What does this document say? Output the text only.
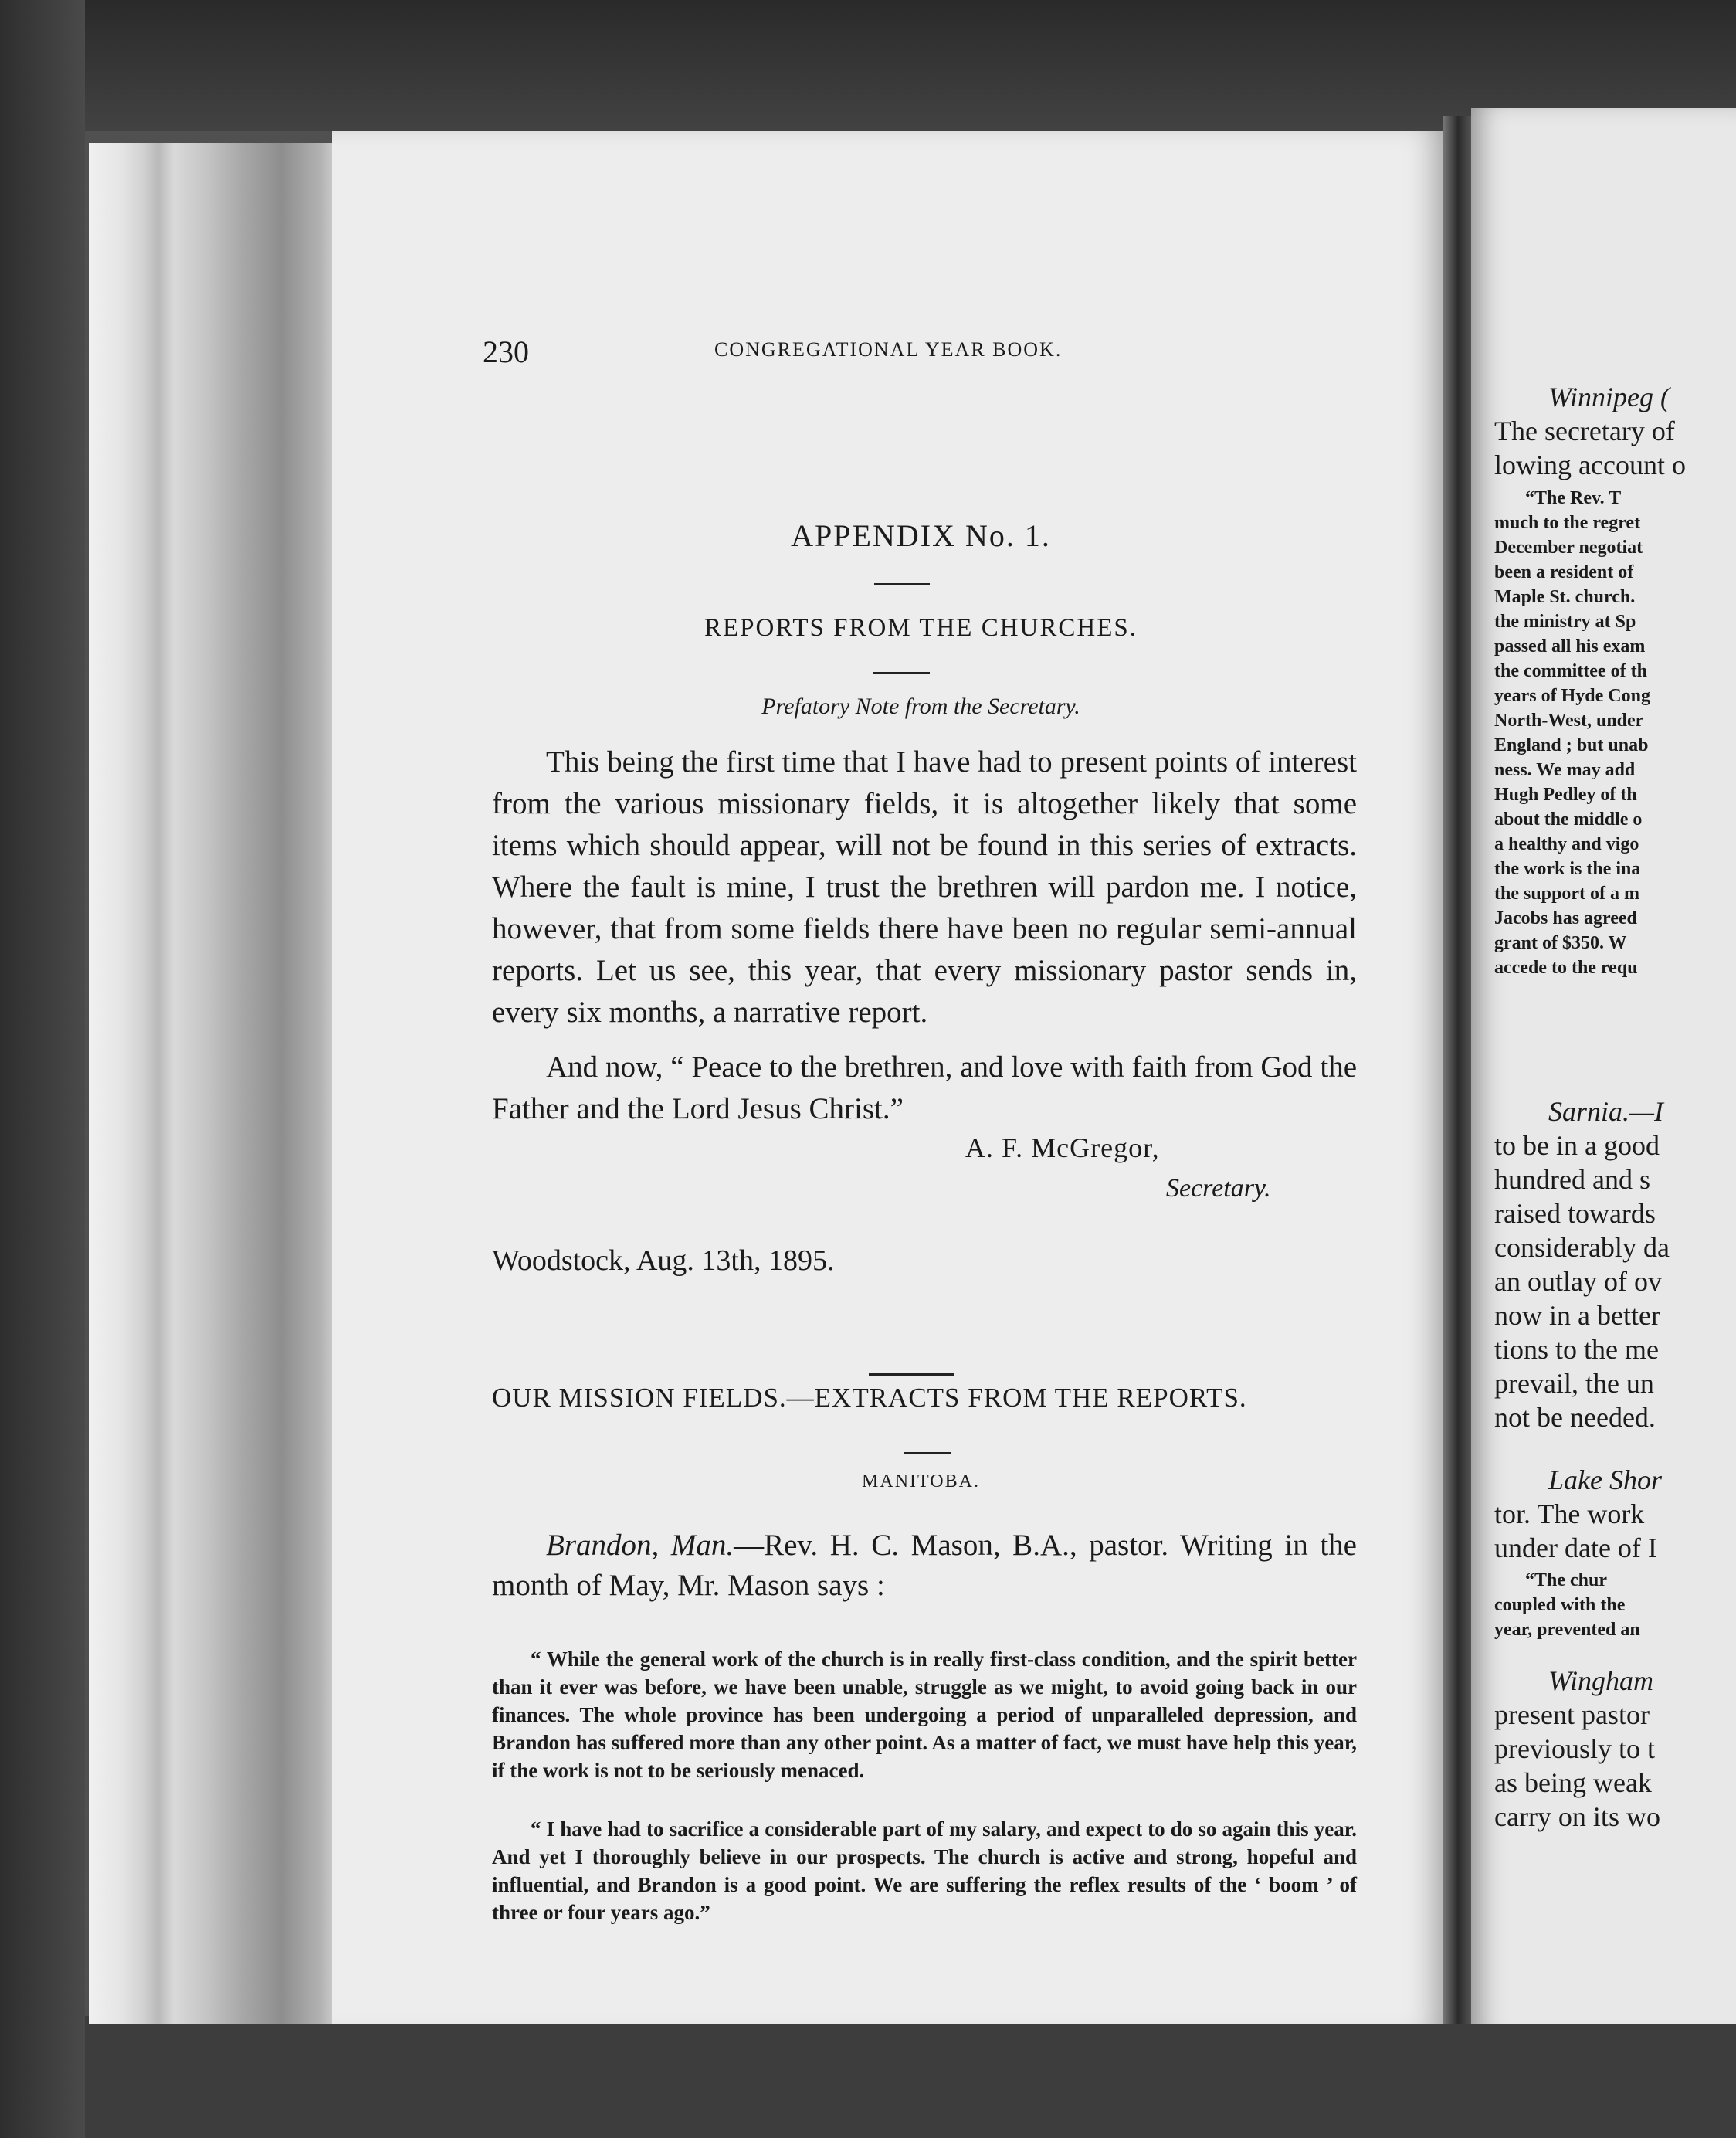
230	CONGREGATIONAL YEAR BOOK.
APPENDIX No. 1.
REPORTS FROM THE CHURCHES.
Prefatory Note from the Secretary.

This being the first time that I have had to present points of interest from the various missionary fields, it is altogether likely that some items which should appear, will not be found in this series of extracts. Where the fault is mine, I trust the brethren will pardon me. I notice, however, that from some fields there have been no regular semi-annual reports. Let us see, this year, that every missionary pastor sends in, every six months, a narrative report.

And now, “ Peace to the brethren, and love with faith from God the Father and the Lord Jesus Christ.”

A. F. McGregor,
Secretary.
Woodstock, Aug. 13th, 1895.
OUR MISSION FIELDS.—EXTRACTS FROM THE REPORTS.
MANITOBA.

Brandon, Man.—Rev. H. C. Mason, B.A., pastor. Writing in the month of May, Mr. Mason says :

“ While the general work of the church is in really first-class condition, and the spirit better than it ever was before, we have been unable, struggle as we might, to avoid going back in our finances. The whole province has been undergoing a period of unparalleled depression, and Brandon has suffered more than any other point. As a matter of fact, we must have help this year, if the work is not to be seriously menaced.

“ I have had to sacrifice a considerable part of my salary, and expect to do so again this year. And yet I thoroughly believe in our prospects. The church is active and strong, hopeful and influential, and Brandon is a good point. We are suffering the reflex results of the ‘ boom ’ of three or four years ago.”

Winnipeg (
The secretary of
lowing account o
“The Rev. T
much to the regret
December negotiat
been a resident of
Maple St. church.
the ministry at Sp
passed all his exam
the committee of th
years of Hyde Cong
North-West, under
England ; but unab
ness. We may add
Hugh Pedley of th
about the middle o
a healthy and vigo
the work is the ina
the support of a m
Jacobs has agreed
grant of $350. W
accede to the requ
Sarnia.—I
to be in a good
hundred and s
raised towards
considerably da
an outlay of ov
now in a better
tions to the me
prevail, the un
not be needed.
Lake Shor
tor. The work
under date of I
“The chur
coupled with the
year, prevented an
Wingham
present pastor
previously to t
as being weak
carry on its wo
